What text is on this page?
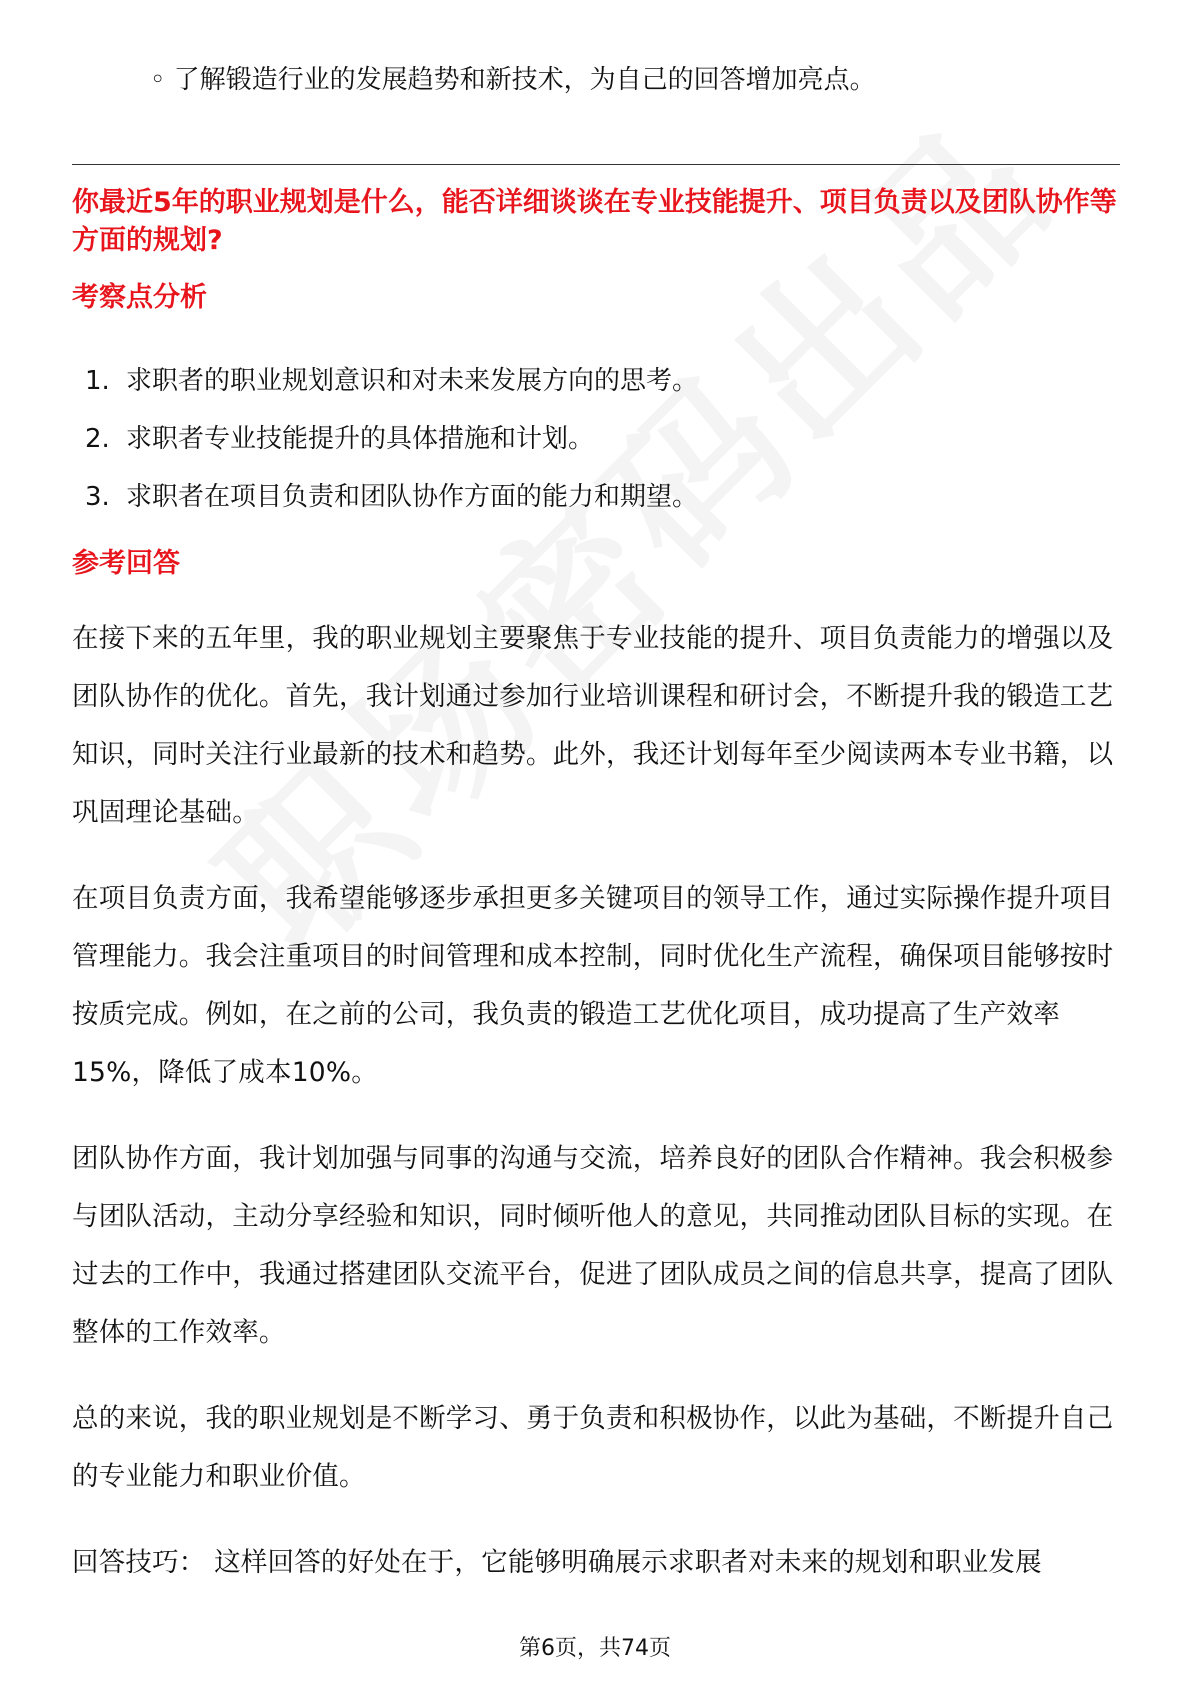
◦ 了解锻造行业的发展趋势和新技术，为自己的回答增加亮点。
你最近5年的职业规划是什么，能否详细谈谈在专业技能提升、项目负责以及团队协作等方面的规划?
考察点分析
1. 求职者的职业规划意识和对未来发展方向的思考。
2. 求职者专业技能提升的具体措施和计划。
3. 求职者在项目负责和团队协作方面的能力和期望。
参考回答
在接下来的五年里，我的职业规划主要聚焦于专业技能的提升、项目负责能力的增强以及团队协作的优化。首先，我计划通过参加行业培训课程和研讨会，不断提升我的锻造工艺知识，同时关注行业最新的技术和趋势。此外，我还计划每年至少阅读两本专业书籍，以巩固理论基础。
在项目负责方面，我希望能够逐步承担更多关键项目的领导工作，通过实际操作提升项目管理能力。我会注重项目的时间管理和成本控制，同时优化生产流程，确保项目能够按时按质完成。例如，在之前的公司，我负责的锻造工艺优化项目，成功提高了生产效率15%，降低了成本10%。
团队协作方面，我计划加强与同事的沟通与交流，培养良好的团队合作精神。我会积极参与团队活动，主动分享经验和知识，同时倾听他人的意见，共同推动团队目标的实现。在过去的工作中，我通过搭建团队交流平台，促进了团队成员之间的信息共享，提高了团队整体的工作效率。
总的来说，我的职业规划是不断学习、勇于负责和积极协作，以此为基础，不断提升自己的专业能力和职业价值。
回答技巧： 这样回答的好处在于，它能够明确展示求职者对未来的规划和职业发展
第6页，共74页
